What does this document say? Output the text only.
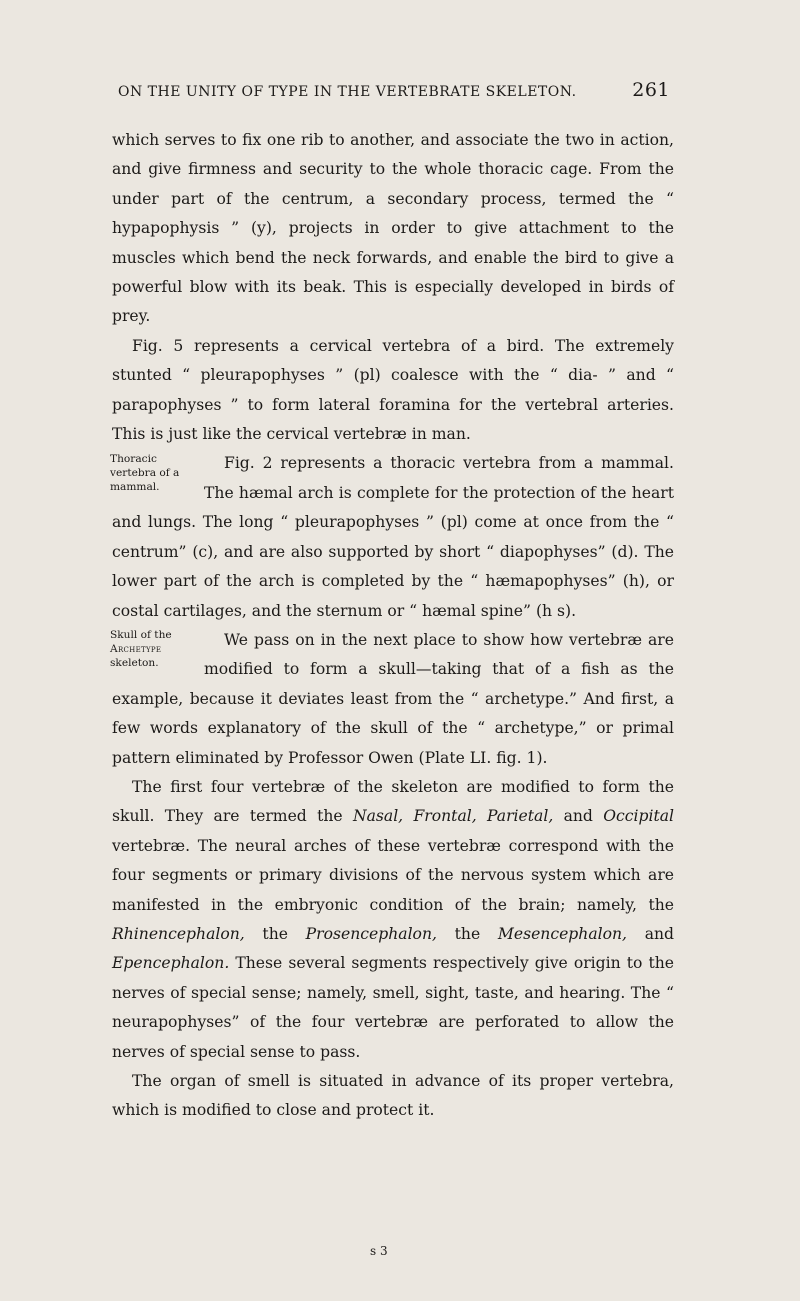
ON THE UNITY OF TYPE IN THE VERTEBRATE SKELETON.	261

which serves to fix one rib to another, and associate the two in action, and give firmness and security to the whole thoracic cage. From the under part of the centrum, a secondary process, termed the “ hypapophysis ” (y), projects in order to give attachment to the muscles which bend the neck forwards, and enable the bird to give a powerful blow with its beak. This is especially developed in birds of prey.

Fig. 5 represents a cervical vertebra of a bird. The extremely stunted “ pleurapophyses ” (pl) coalesce with the “ dia- ” and “ parapophyses ” to form lateral foramina for the vertebral arteries. This is just like the cervical vertebræ in man.

Thoracic vertebra of a mammal.

Fig. 2 represents a thoracic vertebra from a mammal. The hæmal arch is complete for the protection of the heart and lungs. The long “ pleurapophyses ” (pl) come at once from the “ centrum” (c), and are also supported by short “ diapophyses” (d). The lower part of the arch is completed by the “ hæmapophyses” (h), or costal cartilages, and the sternum or “ hæmal spine” (h s).

Skull of the
Archetype
skeleton.

We pass on in the next place to show how vertebræ are modified to form a skull—taking that of a fish as the example, because it deviates least from the “ archetype.” And first, a few words explanatory of the skull of the “ archetype,” or primal pattern eliminated by Professor Owen (Plate LI. fig. 1).

The first four vertebræ of the skeleton are modified to form the skull. They are termed the Nasal, Frontal, Parietal, and Occipital vertebræ. The neural arches of these vertebræ correspond with the four segments or primary divisions of the nervous system which are manifested in the embryonic condition of the brain; namely, the Rhinencephalon, the Prosencephalon, the Mesencephalon, and Epencephalon. These several segments respectively give origin to the nerves of special sense; namely, smell, sight, taste, and hearing. The “ neurapophyses” of the four vertebræ are perforated to allow the nerves of special sense to pass.

The organ of smell is situated in advance of its proper vertebra, which is modified to close and protect it.

s 3
